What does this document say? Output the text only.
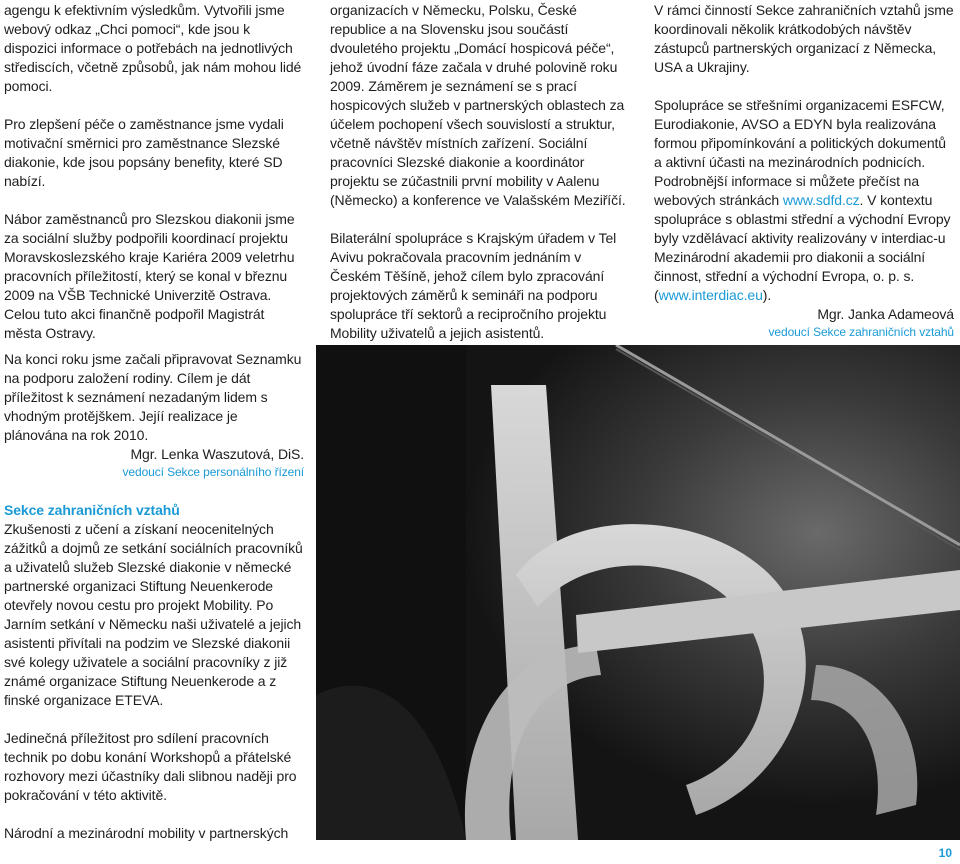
agengu k efektivním výsledkům. Vytvořili jsme webový odkaz „Chci pomoci“, kde jsou k dispozici informace o potřebách na jednotlivých střediscích, včetně způsobů, jak nám mohou lidé pomoci.

Pro zlepšení péče o zaměstnance jsme vydali motivační směrnici pro zaměstnance Slezské diakonie, kde jsou popsány benefity, které SD nabízí.

Nábor zaměstnanců pro Slezskou diakonii jsme za sociální služby podpořili koordinací projektu Moravskoslezského kraje Kariéra 2009 veletrhu pracovních příležitostí, který se konal v březnu 2009 na VŠB Technické Univerzitě Ostrava. Celou tuto akci finančně podpořil Magistrát města Ostravy.

Na konci roku jsme začali připravovat Seznamku na podporu založení rodiny. Cílem je dát příležitost k seznámení nezadaným lidem s vhodným protějškem. Jejíí realizace je plánována na rok 2010.

Mgr. Lenka Waszutová, DiS.

vedoucí Sekce personálního řízení

Sekce zahraničních vztahů

Zkušenosti z učení a získaní neocenitelných zážitků a dojmů ze setkání sociálních pracovníků a uživatelů služeb Slezské diakonie v německé partnerské organizaci Stiftung Neuenkerode otevřely novou cestu pro projekt Mobility. Po Jarním setkání v Německu naši uživatelé a jejich asistenti přivítali na podzim ve Slezské diakonii své kolegy uživatele a sociální pracovníky z již známé organizace Stiftung Neuenkerode a z finské organizace ETEVA.

Jedinečná příležitost pro sdílení pracovních technik po dobu konání Workshopů a přátelské rozhovory mezi účastníky dali slibnou naději pro pokračování v této aktivitě.

Národní a mezinárodní mobility v partnerských

organizacích v Německu, Polsku, České republice a na Slovensku jsou součástí dvouletého projektu „Domácí hospicová péče“, jehož úvodní fáze začala v druhé polovině roku 2009. Záměrem je seznámení se s prací hospicových služeb v partnerských oblastech za účelem pochopení všech souvislostí a struktur, včetně návštěv místních zařízení. Sociální pracovníci Slezské diakonie a koordinátor projektu se zúčastnili první mobility v Aalenu (Německo) a konference ve Valašském Meziříčí.

Bilaterální spolupráce s Krajským úřadem v Tel Avivu pokračovala pracovním jednáním v Českém Těšíně, jehož cílem bylo zpracování projektových záměrů k semináři na podporu spolupráce tří sektorů a recipročního projektu Mobility uživatelů a jejich asistentů.

V rámci činností Sekce zahraničních vztahů jsme koordinovali několik krátkodobých návštěv zástupců partnerských organizací z Německa, USA a Ukrajiny.

Spolupráce se střešními organizacemi ESFCW, Eurodiakonie, AVSO a EDYN byla realizována formou připomínkování a politických dokumentů a aktivní účasti na mezinárodních podnicích. Podrobnější informace si můžete přečíst na webových stránkách www.sdfd.cz. V kontextu spolupráce s oblastmi střední a východní Evropy byly vzdělávací aktivity realizovány v interdiac-u Mezinárodní akademii pro diakonii a sociální činnost, střední a východní Evropa, o. p. s. (www.interdiac.eu).

Mgr. Janka Adameová

vedoucí Sekce zahraničních vztahů

10
